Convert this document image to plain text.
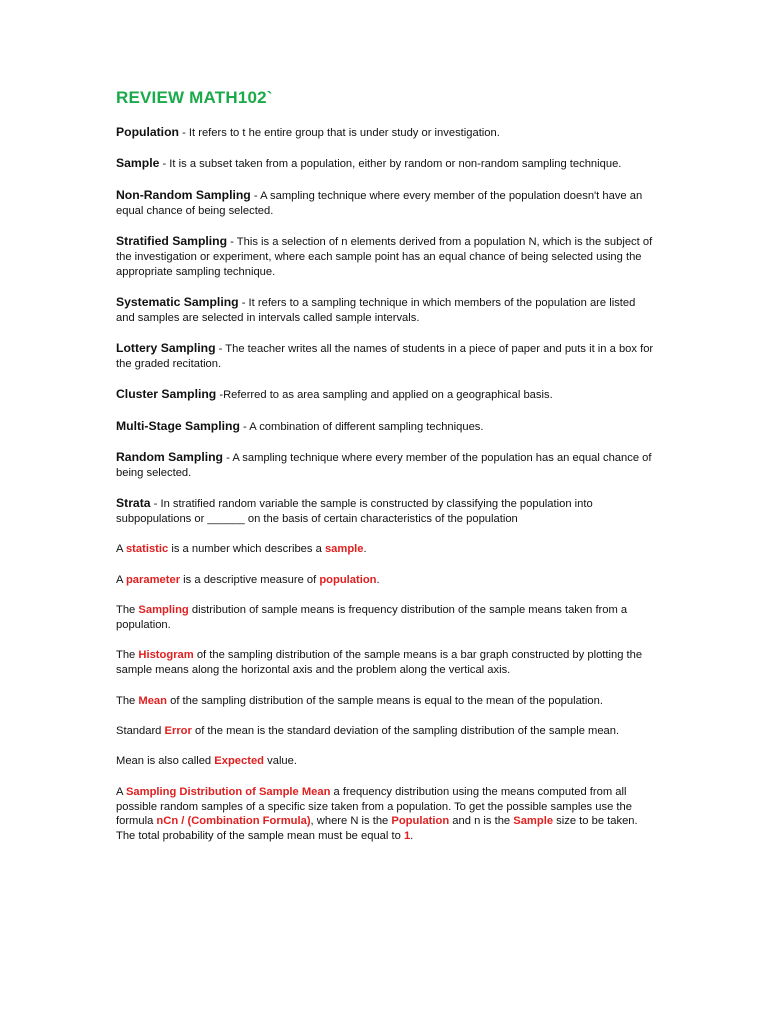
REVIEW MATH102`

Population - It refers to t he entire group that is under study or investigation.

Sample - It is a subset taken from a population, either by random or non-random sampling technique.

Non-Random Sampling - A sampling technique where every member of the population doesn't have an equal chance of being selected.

Stratified Sampling - This is a selection of n elements derived from a population N, which is the subject of the investigation or experiment, where each sample point has an equal chance of being selected using the appropriate sampling technique.

Systematic Sampling - It refers to a sampling technique in which members of the population are listed and samples are selected in intervals called sample intervals.

Lottery Sampling - The teacher writes all the names of students in a piece of paper and puts it in a box for the graded recitation.

Cluster Sampling -Referred to as area sampling and applied on a geographical basis.

Multi-Stage Sampling - A combination of different sampling techniques.

Random Sampling - A sampling technique where every member of the population has an equal chance of being selected.

Strata - In stratified random variable the sample is constructed by classifying the population into subpopulations or ______ on the basis of certain characteristics of the population

A statistic is a number which describes a sample.

A parameter is a descriptive measure of population.

The Sampling distribution of sample means is frequency distribution of the sample means taken from a population.

The Histogram of the sampling distribution of the sample means is a bar graph constructed by plotting the sample means along the horizontal axis and the problem along the vertical axis.

The Mean of the sampling distribution of the sample means is equal to the mean of the population.

Standard Error of the mean is the standard deviation of the sampling distribution of the sample mean.

Mean is also called Expected value.

A Sampling Distribution of Sample Mean a frequency distribution using the means computed from all possible random samples of a specific size taken from a population. To get the possible samples use the formula nCn / (Combination Formula), where N is the Population and n is the Sample size to be taken. The total probability of the sample mean must be equal to 1.
